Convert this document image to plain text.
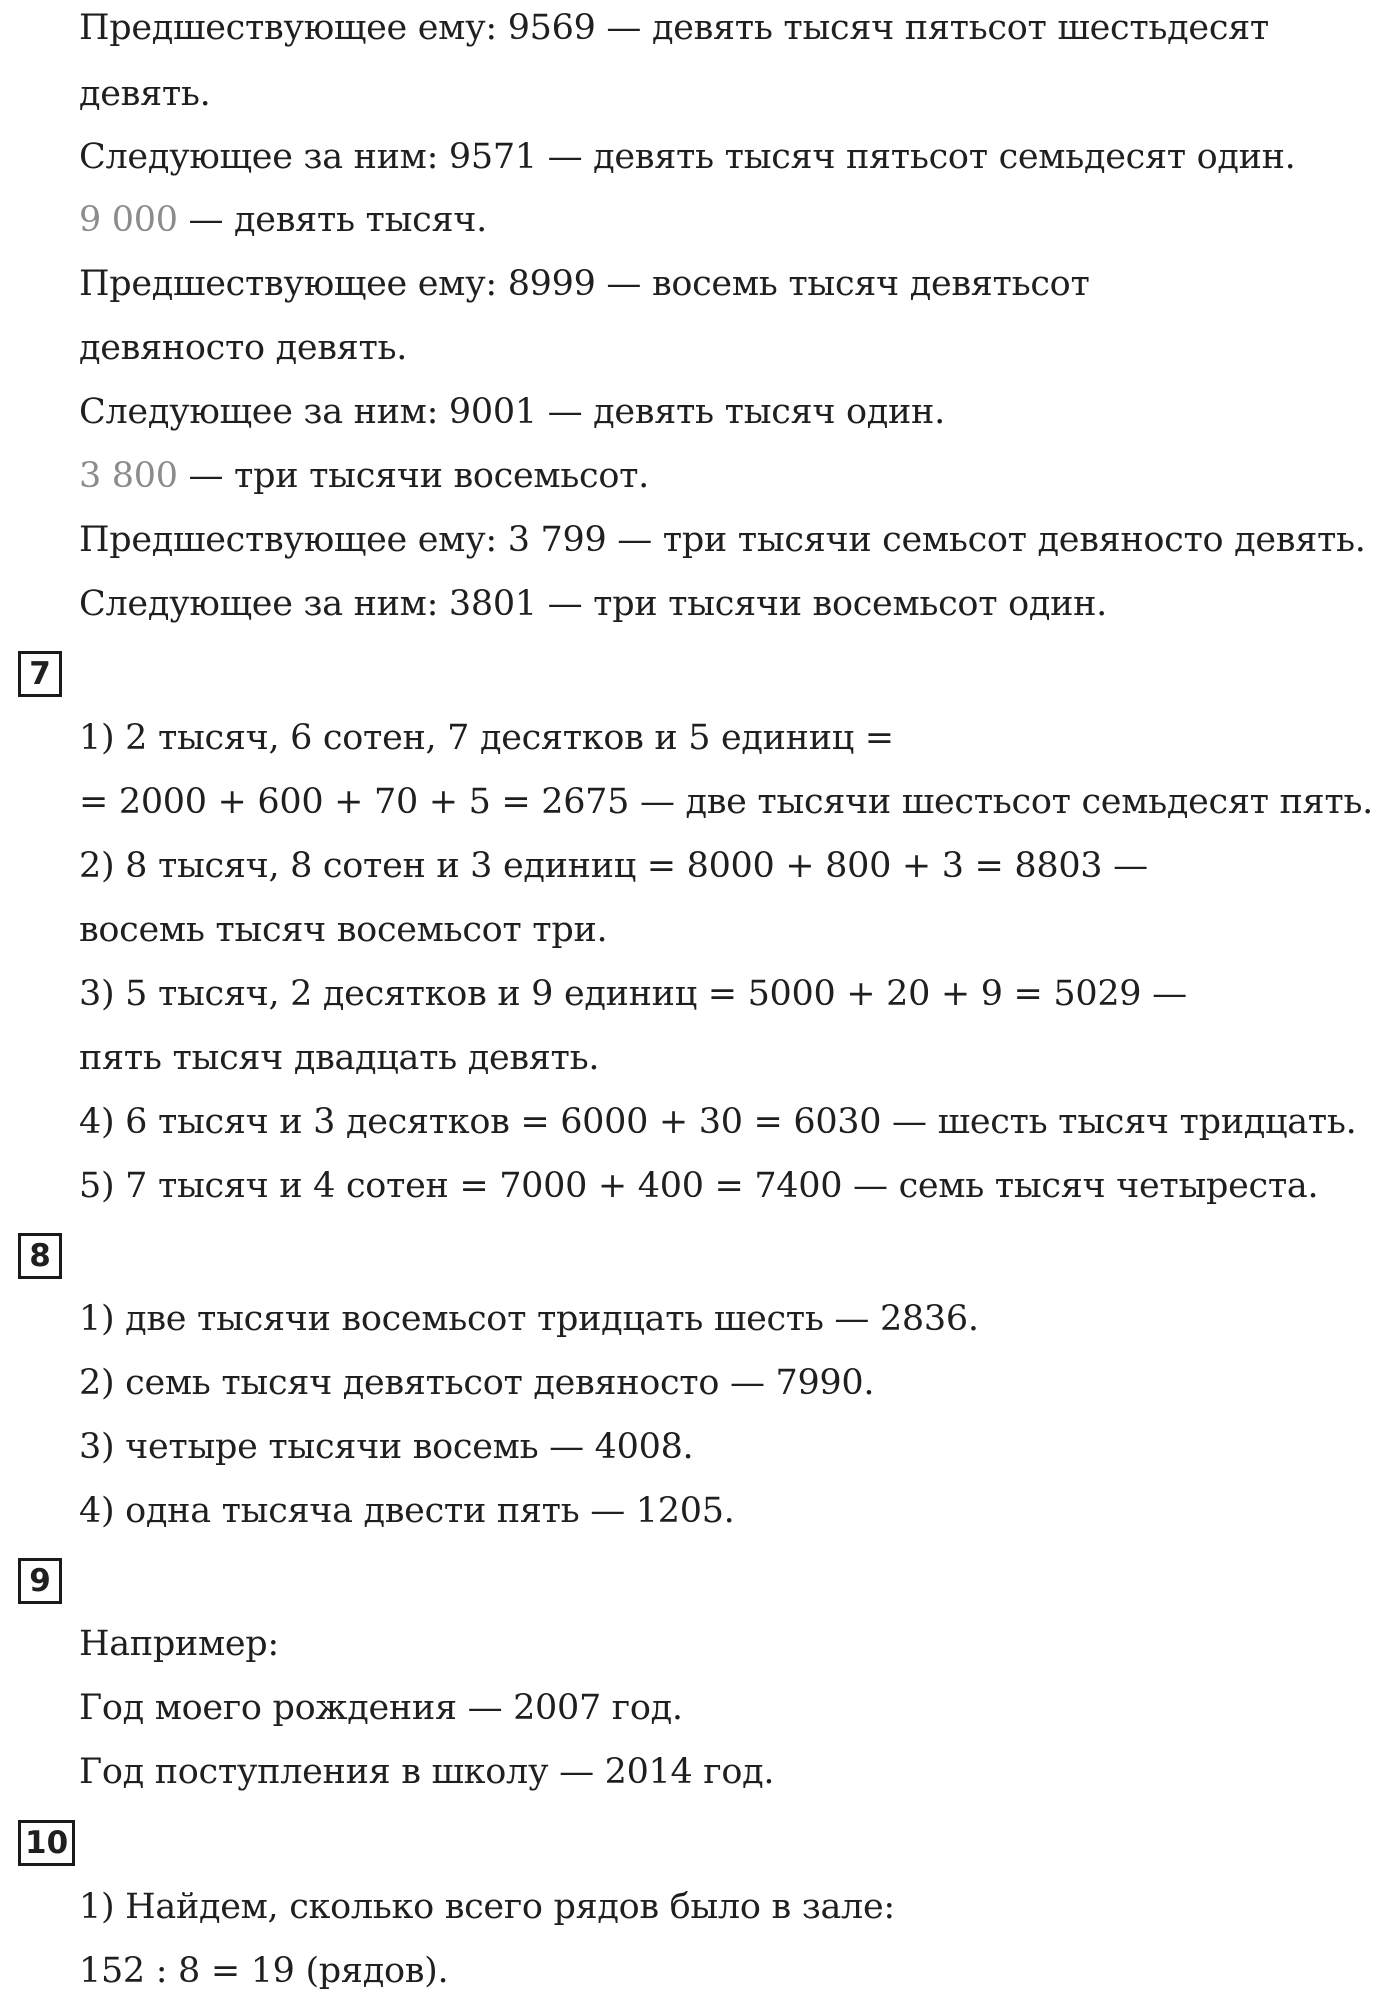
Предшествующее ему: 9569 — девять тысяч пятьсот шестьдесят
девять.
Следующее за ним: 9571 — девять тысяч пятьсот семьдесят один.
9 000 — девять тысяч.
Предшествующее ему: 8999 — восемь тысяч девятьсот
девяносто девять.
Следующее за ним: 9001 — девять тысяч один.
3 800 — три тысячи восемьсот.
Предшествующее ему: 3 799 — три тысячи семьсот девяносто девять.
Следующее за ним: 3801 — три тысячи восемьсот один.
7
1) 2 тысяч, 6 сотен, 7 десятков и 5 единиц =
= 2000 + 600 + 70 + 5 = 2675 — две тысячи шестьсот семьдесят пять.
2) 8 тысяч, 8 сотен и 3 единиц = 8000 + 800 + 3 = 8803 —
восемь тысяч восемьсот три.
3) 5 тысяч, 2 десятков и 9 единиц = 5000 + 20 + 9 = 5029 —
пять тысяч двадцать девять.
4) 6 тысяч и 3 десятков = 6000 + 30 = 6030 — шесть тысяч тридцать.
5) 7 тысяч и 4 сотен = 7000 + 400 = 7400 — семь тысяч четыреста.
8
1) две тысячи восемьсот тридцать шесть — 2836.
2) семь тысяч девятьсот девяносто — 7990.
3) четыре тысячи восемь — 4008.
4) одна тысяча двести пять — 1205.
9
Например:
Год моего рождения — 2007 год.
Год поступления в школу — 2014 год.
10
1) Найдем, сколько всего рядов было в зале:
152 : 8 = 19 (рядов).
